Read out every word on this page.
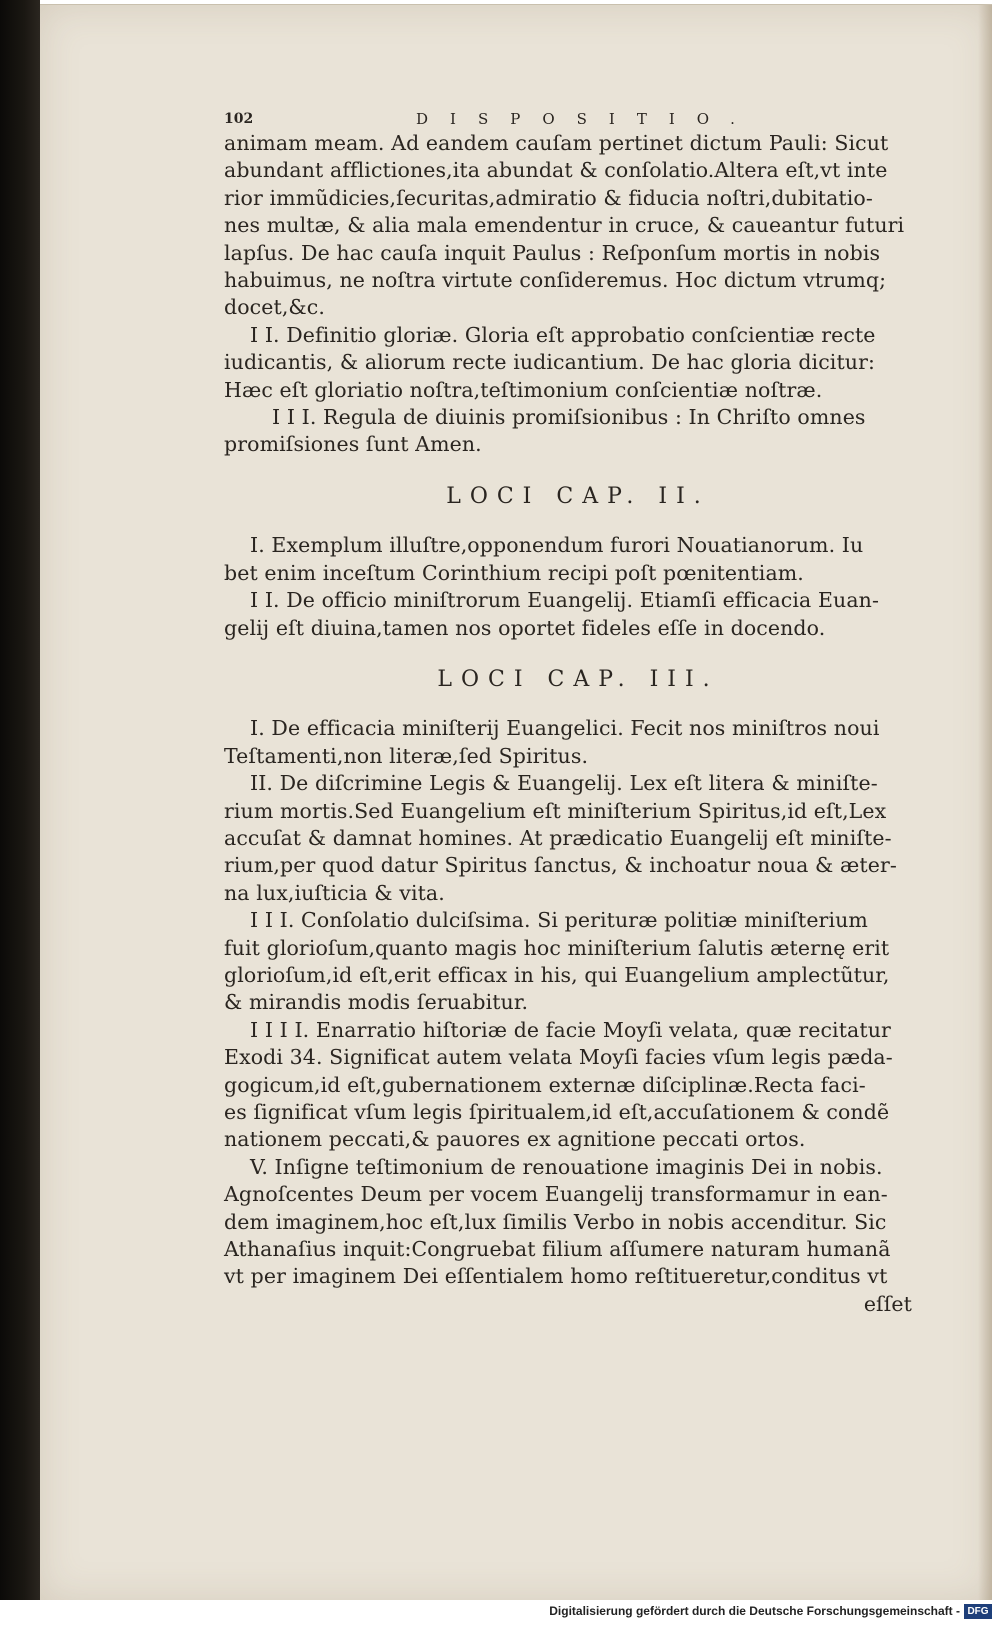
102	DISPOSITIO.
animam meam. Ad eandem cauſam pertinet dictum Pauli: Sicut
abundant afflictiones,ita abundat & conſolatio.Altera eſt,vt inte
rior immũdicies,ſecuritas,admiratio & fiducia noſtri,dubitatio-
nes multæ, & alia mala emendentur in cruce, & caueantur futuri
lapſus. De hac cauſa inquit Paulus : Reſponſum mortis in nobis
habuimus, ne noſtra virtute conſideremus. Hoc dictum vtrumq;
docet,&c.
I I. Definitio gloriæ. Gloria eſt approbatio conſcientiæ recte
iudicantis, & aliorum recte iudicantium. De hac gloria dicitur:
Hæc eſt gloriatio noſtra,teſtimonium conſcientiæ noſtræ.
I I I. Regula de diuinis promiſsionibus : In Chriſto omnes
promiſsiones ſunt Amen.
LOCI CAP. II.
I. Exemplum illuſtre,opponendum furori Nouatianorum. Iu
bet enim inceſtum Corinthium recipi poſt pœnitentiam.
I I. De officio miniſtrorum Euangelij. Etiamſi efficacia Euan-
gelij eſt diuina,tamen nos oportet fideles eſſe in docendo.
LOCI CAP. III.
I. De efficacia miniſterij Euangelici. Fecit nos miniſtros noui
Teſtamenti,non literæ,ſed Spiritus.
II. De diſcrimine Legis & Euangelij. Lex eſt litera & miniſte-
rium mortis.Sed Euangelium eſt miniſterium Spiritus,id eſt,Lex
accuſat & damnat homines. At prædicatio Euangelij eſt miniſte-
rium,per quod datur Spiritus ſanctus, & inchoatur noua & æter-
na lux,iuſticia & vita.
I I I. Conſolatio dulciſsima. Si perituræ politiæ miniſterium
fuit glorioſum,quanto magis hoc miniſterium ſalutis æternę erit
glorioſum,id eſt,erit efficax in his, qui Euangelium amplectũtur,
& mirandis modis ſeruabitur.
I I I I. Enarratio hiſtoriæ de facie Moyſi velata, quæ recitatur
Exodi 34. Significat autem velata Moyſi facies vſum legis pæda-
gogicum,id eſt,gubernationem externæ diſciplinæ.Recta faci-
es ſignificat vſum legis ſpiritualem,id eſt,accuſationem & condẽ
nationem peccati,& pauores ex agnitione peccati ortos.
V. Inſigne teſtimonium de renouatione imaginis Dei in nobis.
Agnoſcentes Deum per vocem Euangelij transformamur in ean-
dem imaginem,hoc eſt,lux ſimilis Verbo in nobis accenditur. Sic
Athanaſius inquit:Congruebat filium aſſumere naturam humanã
vt per imaginem Dei eſſentialem homo reſtitueretur,conditus vt
eſſet
Digitalisierung gefördert durch die Deutsche Forschungsgemeinschaft - DFG
